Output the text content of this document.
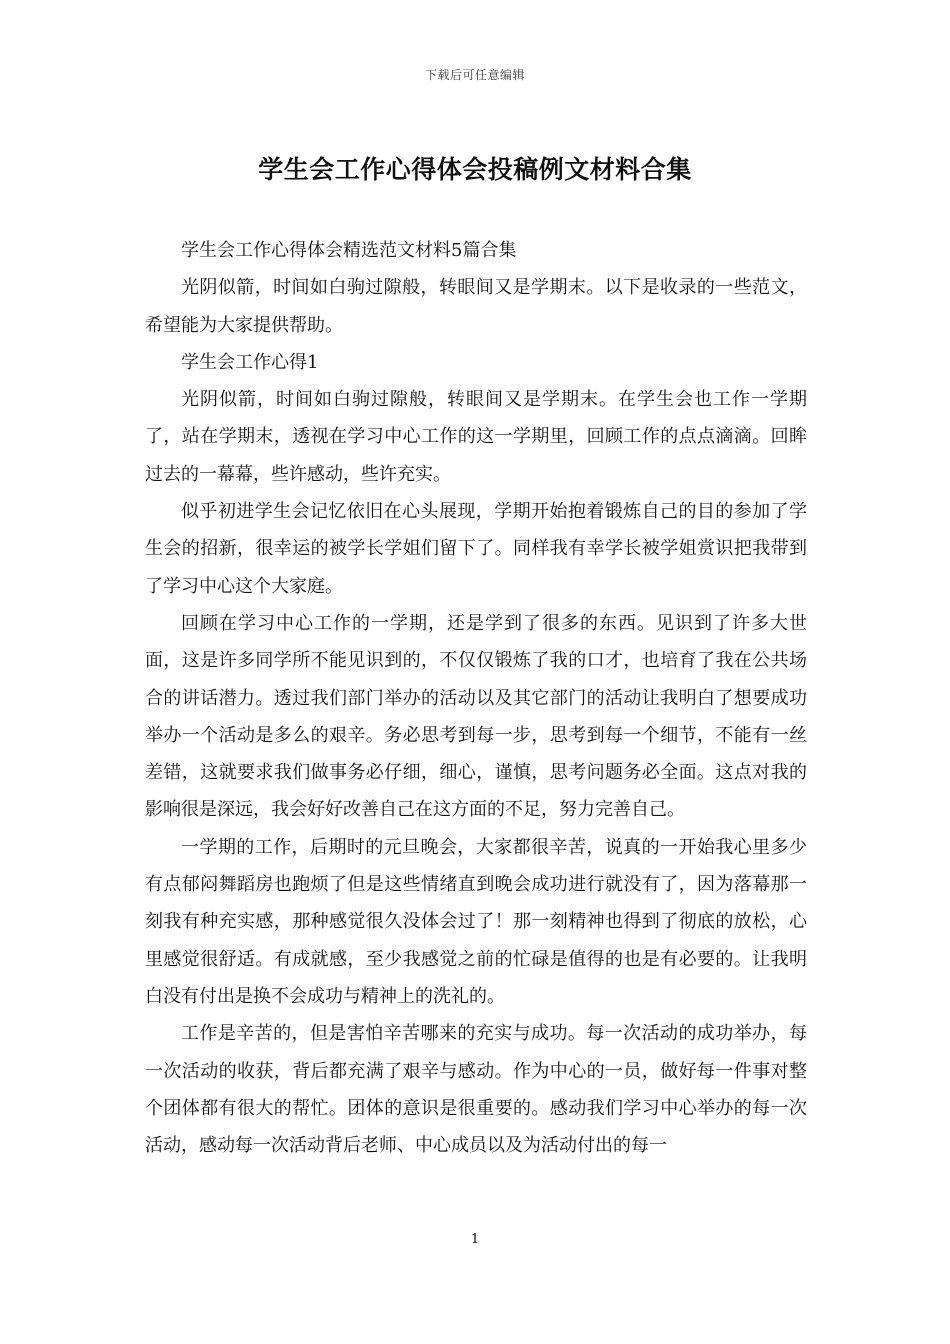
下载后可任意编辑
学生会工作心得体会投稿例文材料合集

学生会工作心得体会精选范文材料5篇合集

光阴似箭，时间如白驹过隙般，转眼间又是学期末。以下是收录的一些范文，希望能为大家提供帮助。

学生会工作心得1

光阴似箭，时间如白驹过隙般，转眼间又是学期末。在学生会也工作一学期了，站在学期末，透视在学习中心工作的这一学期里，回顾工作的点点滴滴。回眸过去的一幕幕，些许感动，些许充实。

似乎初进学生会记忆依旧在心头展现，学期开始抱着锻炼自己的目的参加了学生会的招新，很幸运的被学长学姐们留下了。同样我有幸学长被学姐赏识把我带到了学习中心这个大家庭。

回顾在学习中心工作的一学期，还是学到了很多的东西。见识到了许多大世面，这是许多同学所不能见识到的，不仅仅锻炼了我的口才，也培育了我在公共场合的讲话潜力。透过我们部门举办的活动以及其它部门的活动让我明白了想要成功举办一个活动是多么的艰辛。务必思考到每一步，思考到每一个细节，不能有一丝差错，这就要求我们做事务必仔细，细心，谨慎，思考问题务必全面。这点对我的影响很是深远，我会好好改善自己在这方面的不足，努力完善自己。

一学期的工作，后期时的元旦晚会，大家都很辛苦，说真的一开始我心里多少有点郁闷舞蹈房也跑烦了但是这些情绪直到晚会成功进行就没有了，因为落幕那一刻我有种充实感，那种感觉很久没体会过了！那一刻精神也得到了彻底的放松，心里感觉很舒适。有成就感，至少我感觉之前的忙碌是值得的也是有必要的。让我明白没有付出是换不会成功与精神上的洗礼的。

工作是辛苦的，但是害怕辛苦哪来的充实与成功。每一次活动的成功举办，每一次活动的收获，背后都充满了艰辛与感动。作为中心的一员，做好每一件事对整个团体都有很大的帮忙。团体的意识是很重要的。感动我们学习中心举办的每一次活动，感动每一次活动背后老师、中心成员以及为活动付出的每一

1
